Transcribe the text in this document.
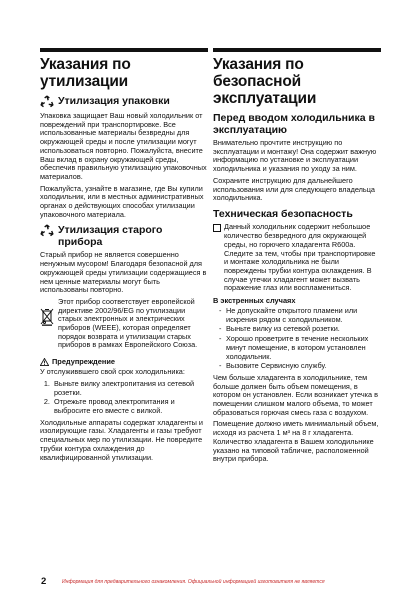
Указания по утилизации
Утилизация упаковки

Упаковка защищает Ваш новый холодильник от повреждений при транспортировке. Все использованные материалы безвредны для окружающей среды и после утилизации могут использоваться повторно. Пожалуйста, внесите Ваш вклад в охрану окружающей среды, обеспечив правильную утилизацию упаковочных материалов.

Пожалуйста, узнайте в магазине, где Вы купили холодильник, или в местных административных органах о действующих способах утилизации упаковочного материала.

Утилизация старого прибора

Старый прибор не является совершенно ненужным мусором! Благодаря безопасной для окружающей среды утилизации содержащиеся в нем ценные материалы могут быть использованы повторно.

Этот прибор соответствует европейской директиве 2002/96/EG по утилизации старых электронных и электрических приборов (WEEE), которая определяет порядок возврата и утилизации старых приборов в рамках Европейского Союза.

Предупреждение

У отслуживвшего свой срок холодильника:

1. Выньте вилку электропитания из сетевой розетки.
2. Отрежьте провод электропитания и выбросите его вместе с вилкой.

Холодильные аппараты содержат хладагенты и изолирующие газы. Хладагенты и газы требуют специальных мер по утилизации. Не повредите трубки контура охлаждения до квалифицированной утилизации.

Указания по безопасной эксплуатации
Перед вводом холодильника в эксплуатацию

Внимательно прочтите инструкцию по эксплуатации и монтажу! Она содержит важную информацию по установке и эксплуатации холодильника и указания по уходу за ним.

Сохраните инструкцию для дальнейшего использования или для следующего владельца холодильника.

Техническая безопасность

Данный холодильник содержит небольшое количество безвредного для окружающей среды, но горючего хладагента R600a. Следите за тем, чтобы при транспортировке и монтаже холодильника не были повреждены трубки контура охлаждения. В случае утечки хладагент может вызвать поражение глаз или воспламениться.

В экстренных случаях
- Не допускайте открытого пламени или искрения рядом с холодильником.
- Выньте вилку из сетевой розетки.
- Хорошо проветрите в течение нескольких минут помещение, в котором установлен холодильник.
- Вызовите Сервисную службу.

Чем больше хладагента в холодильнике, тем больше должен быть объем помещения, в котором он установлен. Если возникает утечка в помещении слишком малого объема, то может образоваться горючая смесь газа с воздухом.

Помещение должно иметь минимальный объем, исходя из расчета 1 м³ на 8 г хладагента. Количество хладагента в Вашем холодильнике указано на типовой табличке, расположенной внутри прибора.

2	Информация для предварительного ознакомления. Официальной информацией изготовителя не является
